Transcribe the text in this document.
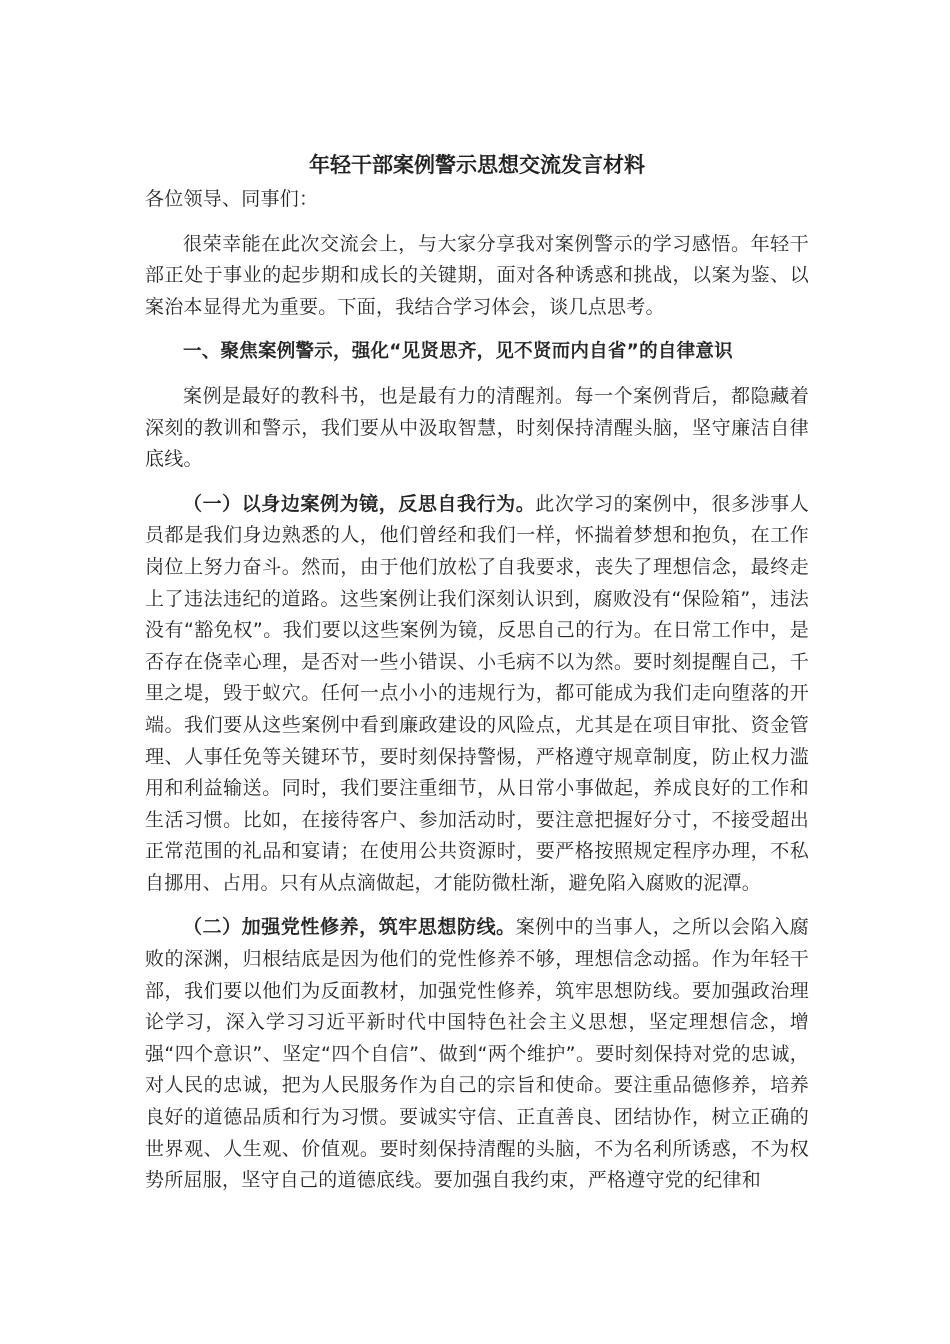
年轻干部案例警示思想交流发言材料

各位领导、同事们：

很荣幸能在此次交流会上，与大家分享我对案例警示的学习感悟。年轻干部正处于事业的起步期和成长的关键期，面对各种诱惑和挑战，以案为鉴、以案治本显得尤为重要。下面，我结合学习体会，谈几点思考。

一、聚焦案例警示，强化“见贤思齐，见不贤而内自省”的自律意识

案例是最好的教科书，也是最有力的清醒剂。每一个案例背后，都隐藏着深刻的教训和警示，我们要从中汲取智慧，时刻保持清醒头脑，坚守廉洁自律底线。

（一）以身边案例为镜，反思自我行为。此次学习的案例中，很多涉事人员都是我们身边熟悉的人，他们曾经和我们一样，怀揣着梦想和抱负，在工作岗位上努力奋斗。然而，由于他们放松了自我要求，丧失了理想信念，最终走上了违法违纪的道路。这些案例让我们深刻认识到，腐败没有“保险箱”，违法没有“豁免权”。我们要以这些案例为镜，反思自己的行为。在日常工作中，是否存在侥幸心理，是否对一些小错误、小毛病不以为然。要时刻提醒自己，千里之堤，毁于蚁穴。任何一点小小的违规行为，都可能成为我们走向堕落的开端。我们要从这些案例中看到廉政建设的风险点，尤其是在项目审批、资金管理、人事任免等关键环节，要时刻保持警惕，严格遵守规章制度，防止权力滥用和利益输送。同时，我们要注重细节，从日常小事做起，养成良好的工作和生活习惯。比如，在接待客户、参加活动时，要注意把握好分寸，不接受超出正常范围的礼品和宴请；在使用公共资源时，要严格按照规定程序办理，不私自挪用、占用。只有从点滴做起，才能防微杜渐，避免陷入腐败的泥潭。

（二）加强党性修养，筑牢思想防线。案例中的当事人，之所以会陷入腐败的深渊，归根结底是因为他们的党性修养不够，理想信念动摇。作为年轻干部，我们要以他们为反面教材，加强党性修养，筑牢思想防线。要加强政治理论学习，深入学习习近平新时代中国特色社会主义思想，坚定理想信念，增强“四个意识”、坚定“四个自信”、做到“两个维护”。要时刻保持对党的忠诚，对人民的忠诚，把为人民服务作为自己的宗旨和使命。要注重品德修养，培养良好的道德品质和行为习惯。要诚实守信、正直善良、团结协作，树立正确的世界观、人生观、价值观。要时刻保持清醒的头脑，不为名利所诱惑，不为权势所屈服，坚守自己的道德底线。要加强自我约束，严格遵守党的纪律和
